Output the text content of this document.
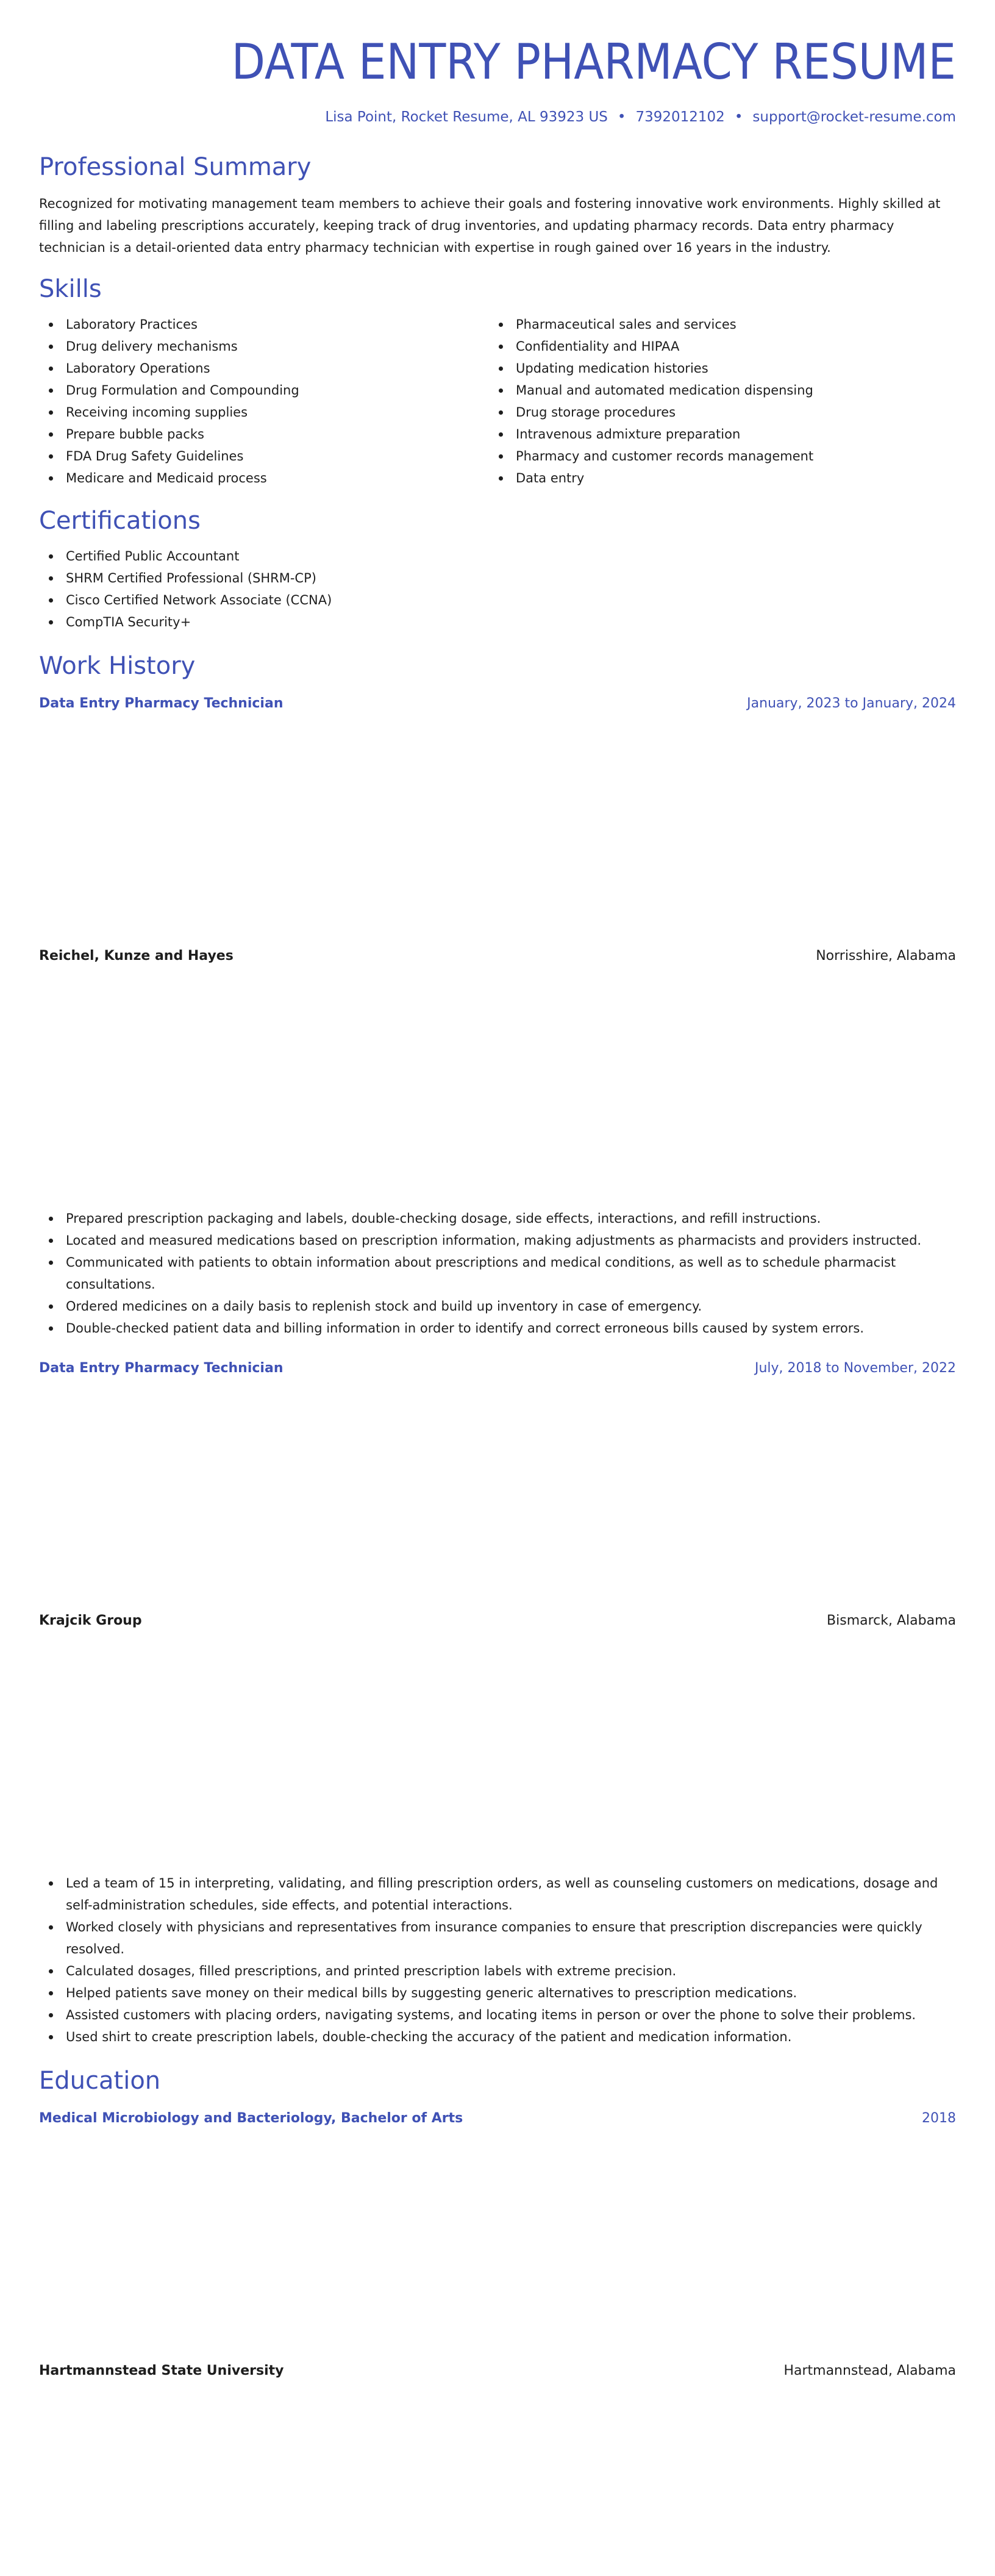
DATA ENTRY PHARMACY RESUME
Lisa Point, Rocket Resume, AL 93923 US • 7392012102 • support@rocket-resume.com
Professional Summary

Recognized for motivating management team members to achieve their goals and fostering innovative work environments. Highly skilled at filling and labeling prescriptions accurately, keeping track of drug inventories, and updating pharmacy records. Data entry pharmacy technician is a detail-oriented data entry pharmacy technician with expertise in rough gained over 16 years in the industry.

Skills
Laboratory Practices
Drug delivery mechanisms
Laboratory Operations
Drug Formulation and Compounding
Receiving incoming supplies
Prepare bubble packs
FDA Drug Safety Guidelines
Medicare and Medicaid process
Pharmaceutical sales and services
Confidentiality and HIPAA
Updating medication histories
Manual and automated medication dispensing
Drug storage procedures
Intravenous admixture preparation
Pharmacy and customer records management
Data entry
Certifications
Certified Public Accountant
SHRM Certified Professional (SHRM-CP)
Cisco Certified Network Associate (CCNA)
CompTIA Security+
Work History
Data Entry Pharmacy Technician	January, 2023 to January, 2024
Reichel, Kunze and Hayes	Norrisshire, Alabama
Prepared prescription packaging and labels, double-checking dosage, side effects, interactions, and refill instructions.
Located and measured medications based on prescription information, making adjustments as pharmacists and providers instructed.
Communicated with patients to obtain information about prescriptions and medical conditions, as well as to schedule pharmacist consultations.
Ordered medicines on a daily basis to replenish stock and build up inventory in case of emergency.
Double-checked patient data and billing information in order to identify and correct erroneous bills caused by system errors.
Data Entry Pharmacy Technician	July, 2018 to November, 2022
Krajcik Group	Bismarck, Alabama
Led a team of 15 in interpreting, validating, and filling prescription orders, as well as counseling customers on medications, dosage and self-administration schedules, side effects, and potential interactions.
Worked closely with physicians and representatives from insurance companies to ensure that prescription discrepancies were quickly resolved.
Calculated dosages, filled prescriptions, and printed prescription labels with extreme precision.
Helped patients save money on their medical bills by suggesting generic alternatives to prescription medications.
Assisted customers with placing orders, navigating systems, and locating items in person or over the phone to solve their problems.
Used shirt to create prescription labels, double-checking the accuracy of the patient and medication information.
Education
Medical Microbiology and Bacteriology, Bachelor of Arts	2018
Hartmannstead State University	Hartmannstead, Alabama
